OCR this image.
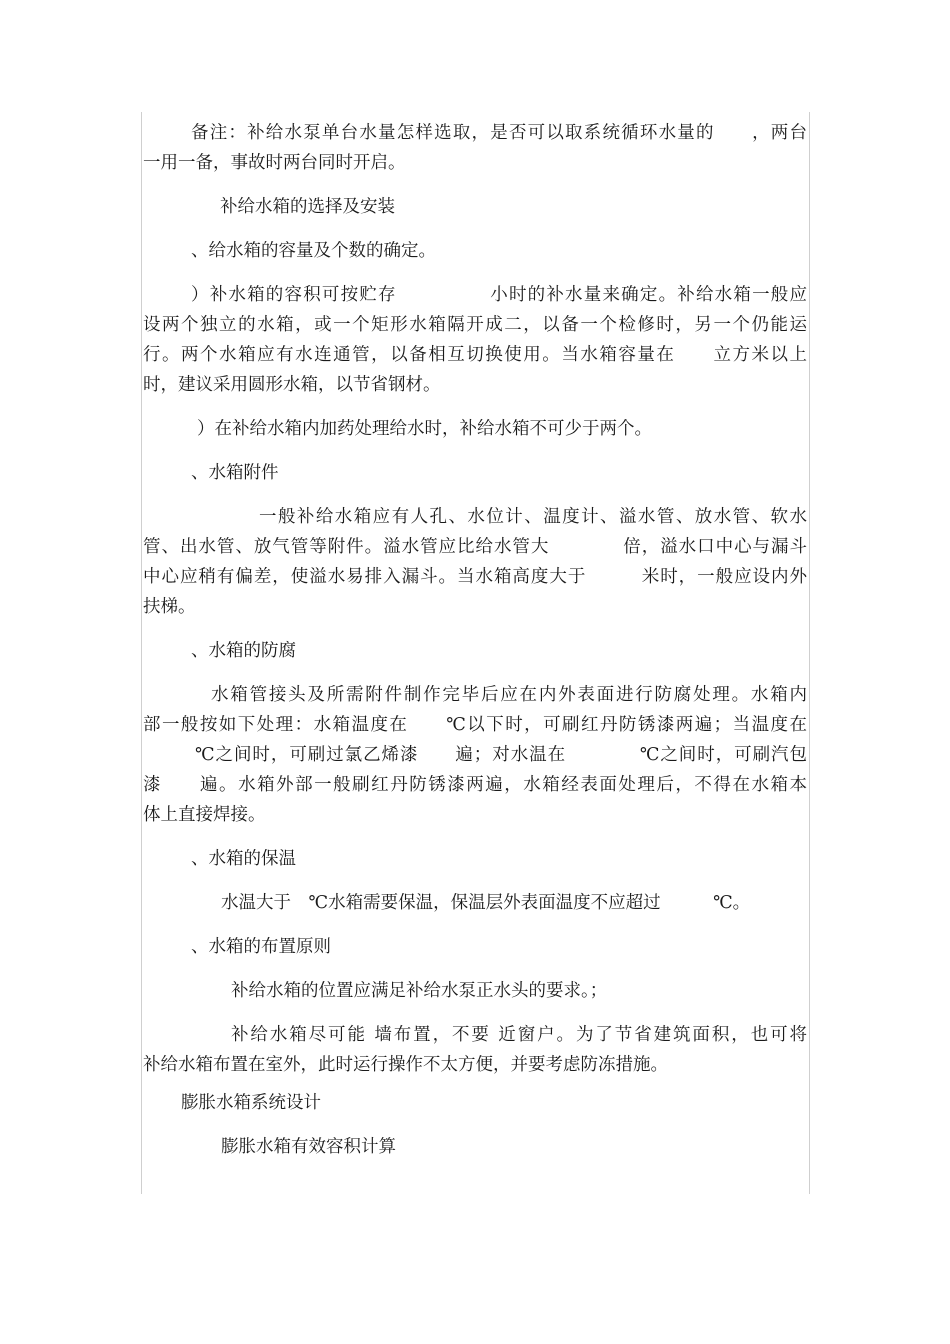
备注：补给水泵单台水量怎样选取，是否可以取系统循环水量的　　，两台
一用一备，事故时两台同时开启。
补给水箱的选择及安装
、给水箱的容量及个数的确定。
）补水箱的容积可按贮存　　　　　小时的补水量来确定。补给水箱一般应
设两个独立的水箱，或一个矩形水箱隔开成二，以备一个检修时，另一个仍能运
行。两个水箱应有水连通管，以备相互切换使用。当水箱容量在　　立方米以上
时，建议采用圆形水箱，以节省钢材。
）在补给水箱内加药处理给水时，补给水箱不可少于两个。
、水箱附件
一般补给水箱应有人孔、水位计、温度计、溢水管、放水管、软水
管、出水管、放气管等附件。溢水管应比给水管大　　　　倍，溢水口中心与漏斗
中心应稍有偏差，使溢水易排入漏斗。当水箱高度大于　　　米时，一般应设内外
扶梯。
、水箱的防腐
水箱管接头及所需附件制作完毕后应在内外表面进行防腐处理。水箱内
部一般按如下处理：水箱温度在　　℃以下时，可刷红丹防锈漆两遍；当温度在
℃之间时，可刷过氯乙烯漆　　遍；对水温在　　　　℃之间时，可刷汽包
漆　　遍。水箱外部一般刷红丹防锈漆两遍，水箱经表面处理后，不得在水箱本
体上直接焊接。
、水箱的保温
水温大于　℃水箱需要保温，保温层外表面温度不应超过　　　℃。
、水箱的布置原则
补给水箱的位置应满足补给水泵正水头的要求。；
补给水箱尽可能 墙布置，不要 近窗户。为了节省建筑面积，也可将
补给水箱布置在室外，此时运行操作不太方便，并要考虑防冻措施。
膨胀水箱系统设计
膨胀水箱有效容积计算
